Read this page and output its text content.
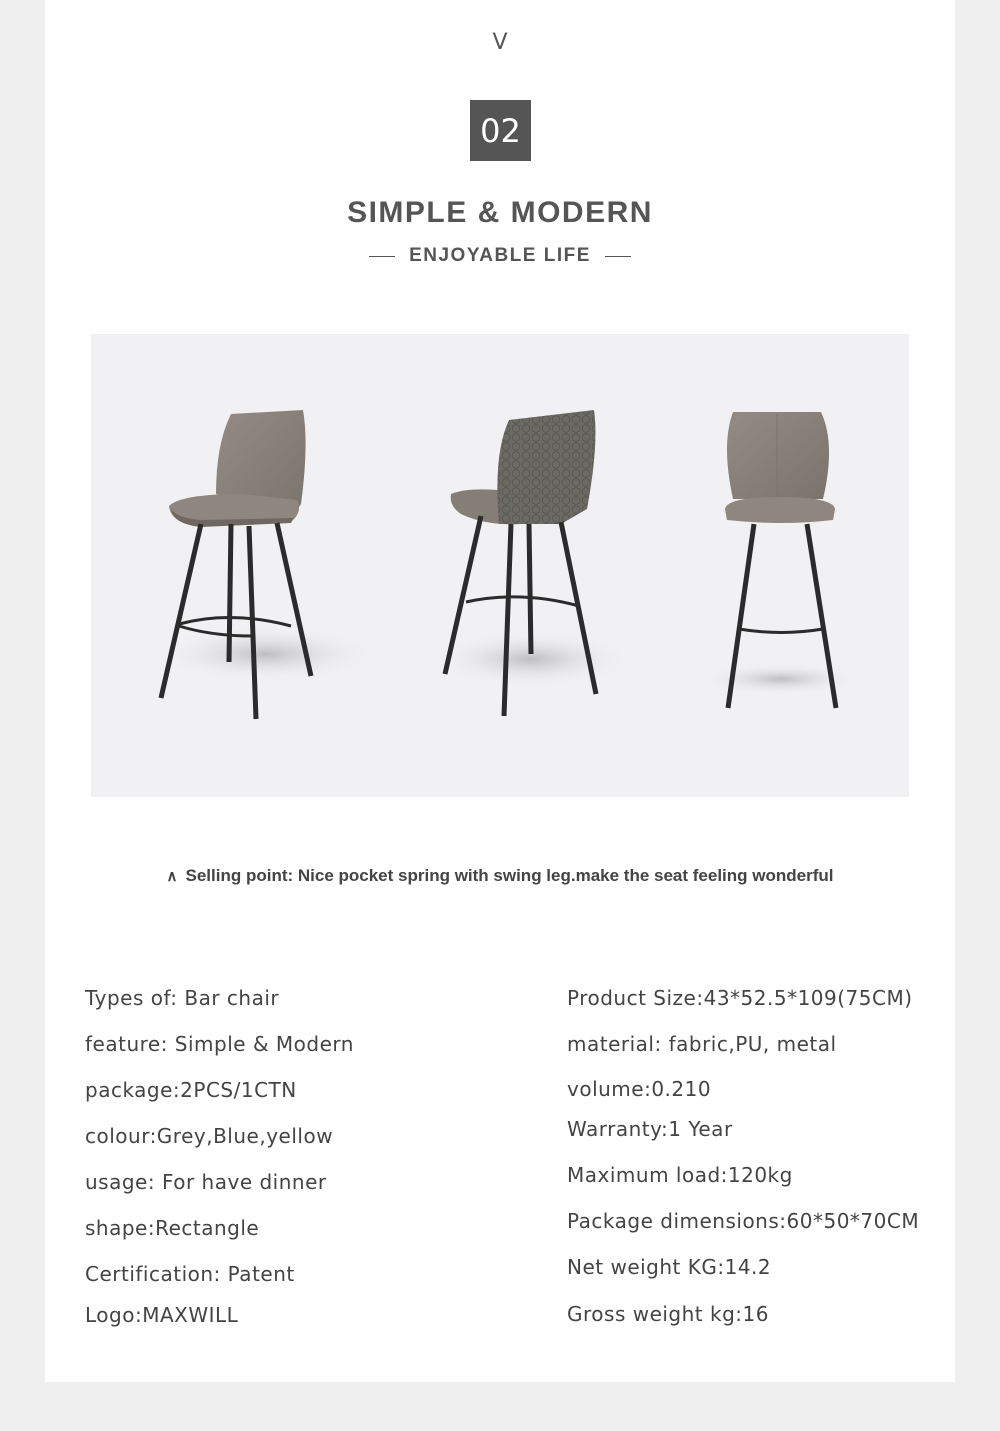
V
02
SIMPLE & MODERN
ENJOYABLE LIFE
∧ Selling point: Nice pocket spring with swing leg.make the seat feeling wonderful
Types of: Bar chair
feature: Simple & Modern
package:2PCS/1CTN
colour:Grey,Blue,yellow
usage: For have dinner
shape:Rectangle
Certification: Patent
Logo:MAXWILL
Product Size:43*52.5*109(75CM)
material: fabric,PU, metal
volume:0.210
Warranty:1 Year
Maximum load:120kg
Package dimensions:60*50*70CM
Net weight KG:14.2
Gross weight kg:16
